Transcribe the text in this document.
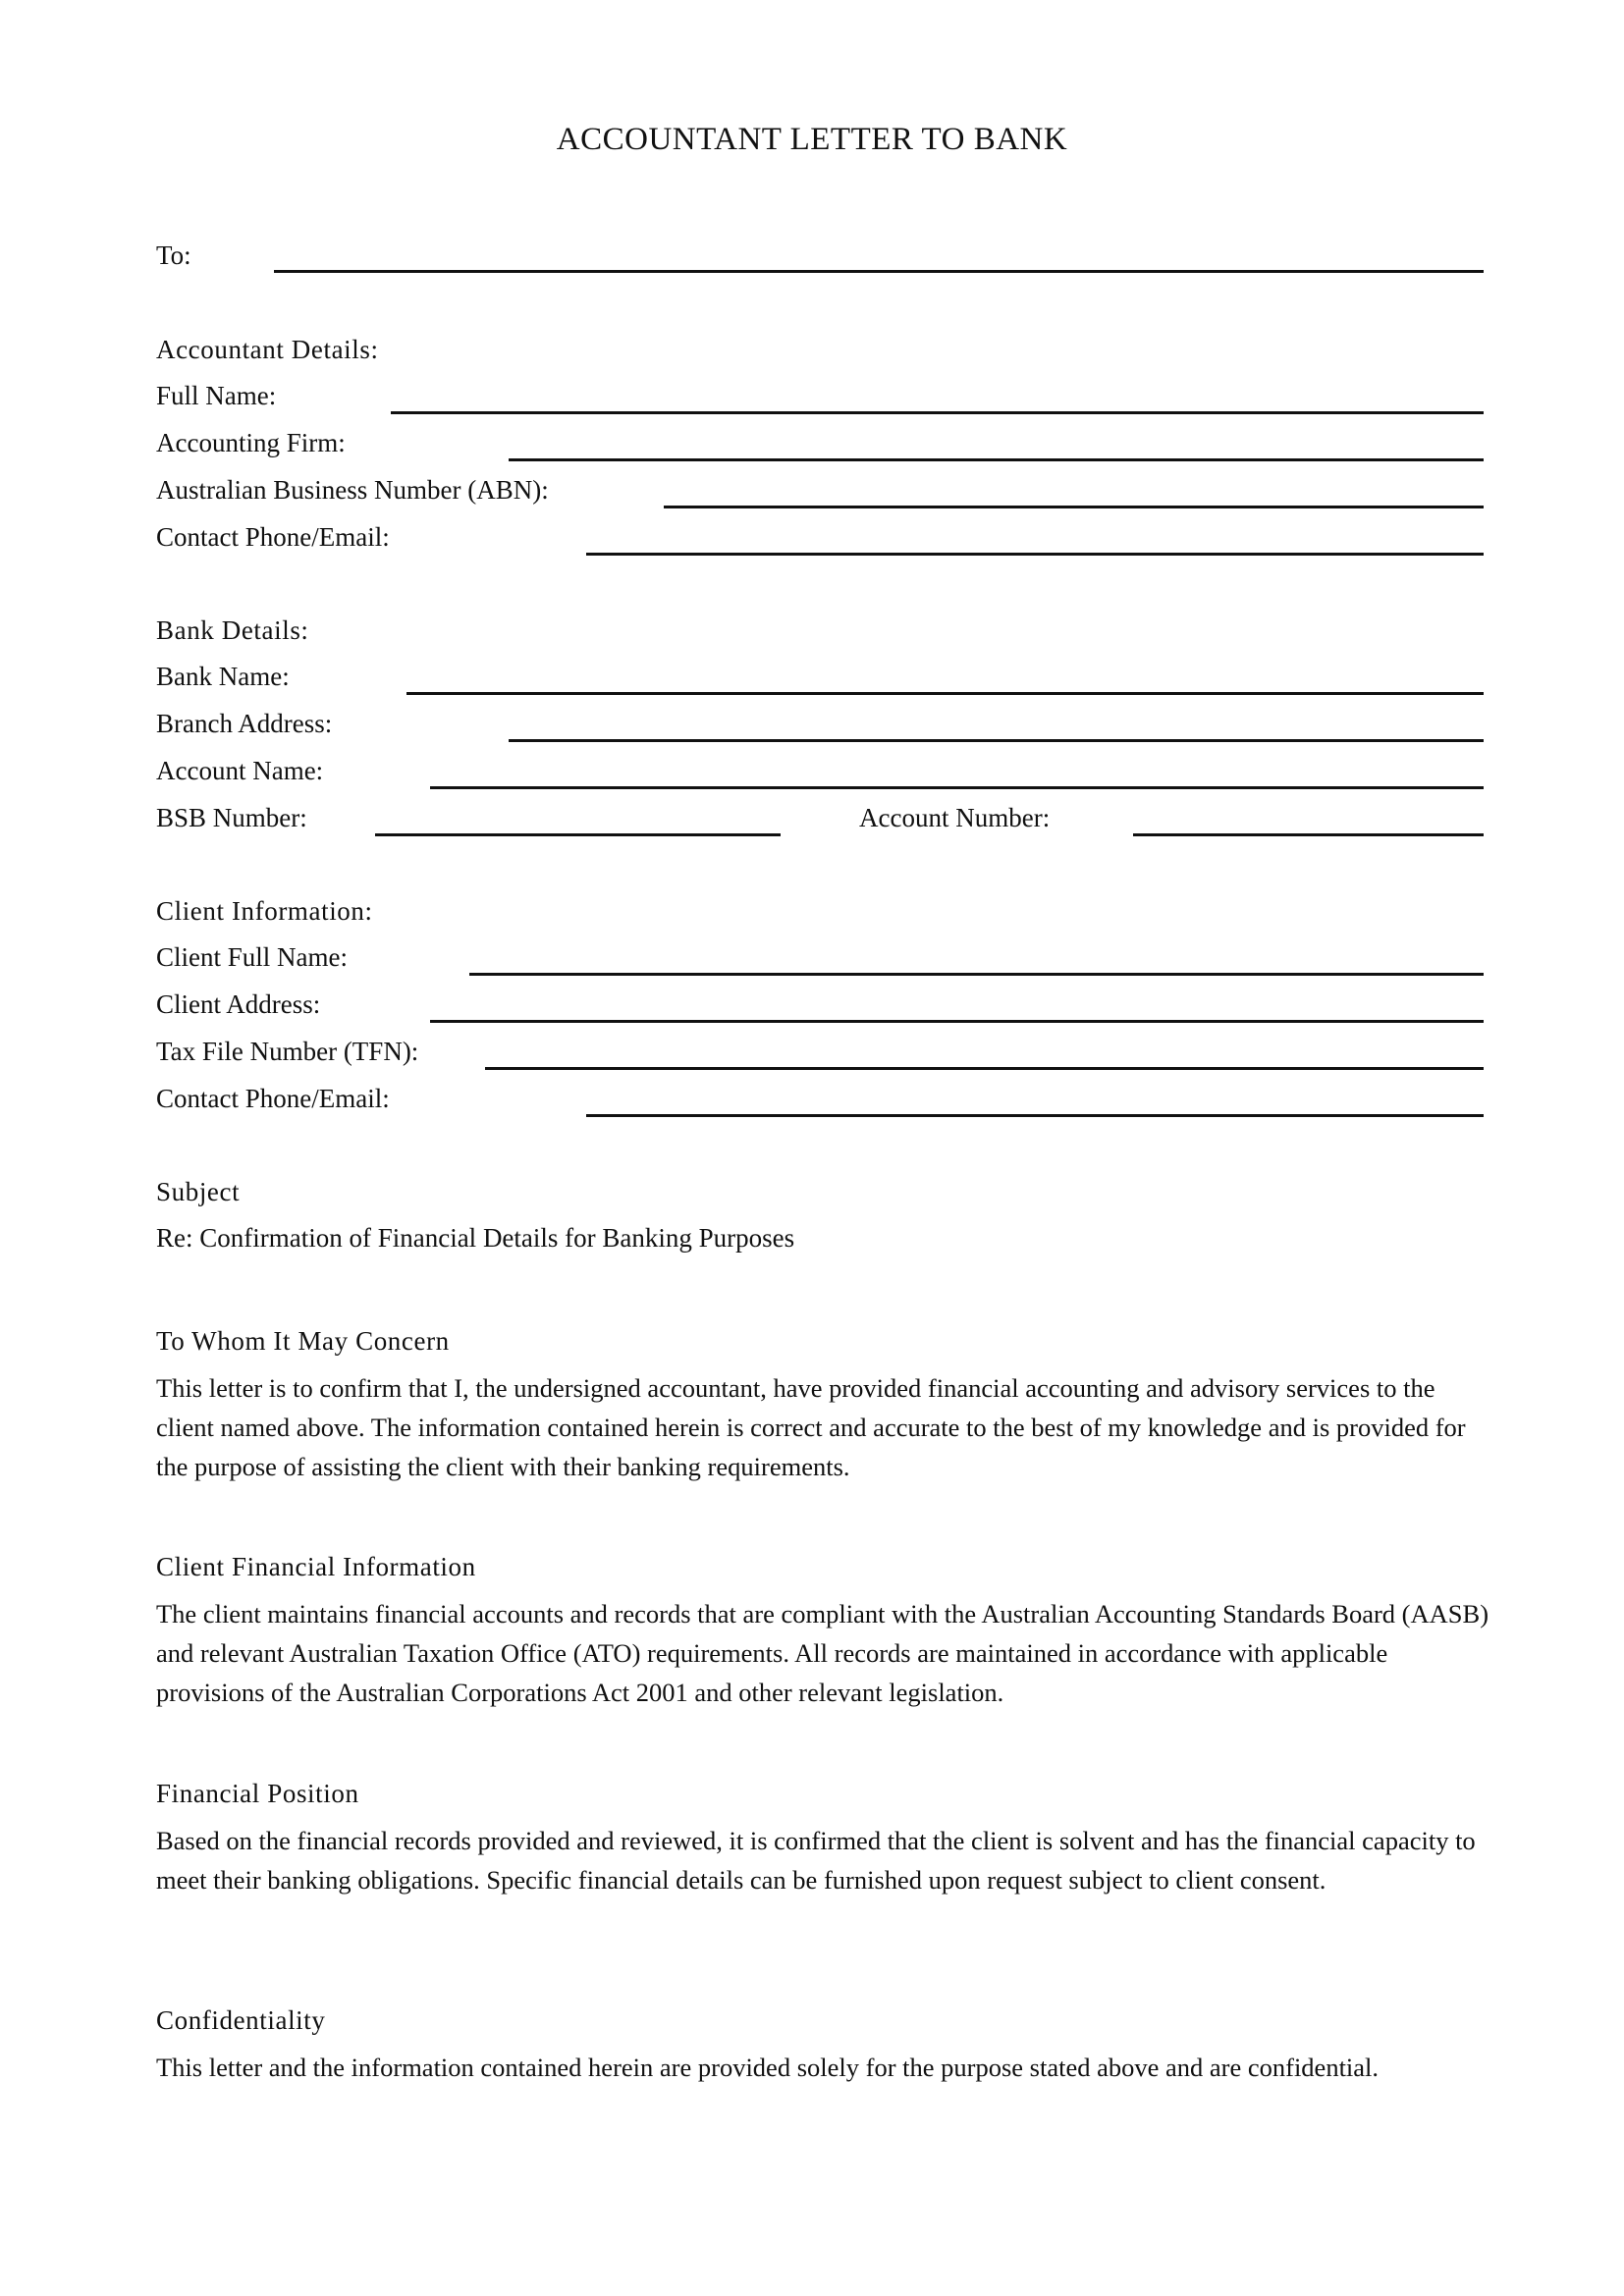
ACCOUNTANT LETTER TO BANK
To:
Accountant Details:
Full Name:
Accounting Firm:
Australian Business Number (ABN):
Contact Phone/Email:
Bank Details:
Bank Name:
Branch Address:
Account Name:
BSB Number:	Account Number:
Client Information:
Client Full Name:
Client Address:
Tax File Number (TFN):
Contact Phone/Email:
Subject
Re: Confirmation of Financial Details for Banking Purposes
To Whom It May Concern
This letter is to confirm that I, the undersigned accountant, have provided financial accounting and advisory services to the client named above. The information contained herein is correct and accurate to the best of my knowledge and is provided for the purpose of assisting the client with their banking requirements.
Client Financial Information
The client maintains financial accounts and records that are compliant with the Australian Accounting Standards Board (AASB) and relevant Australian Taxation Office (ATO) requirements. All records are maintained in accordance with applicable provisions of the Australian Corporations Act 2001 and other relevant legislation.
Financial Position
Based on the financial records provided and reviewed, it is confirmed that the client is solvent and has the financial capacity to meet their banking obligations. Specific financial details can be furnished upon request subject to client consent.
Confidentiality
This letter and the information contained herein are provided solely for the purpose stated above and are confidential.
